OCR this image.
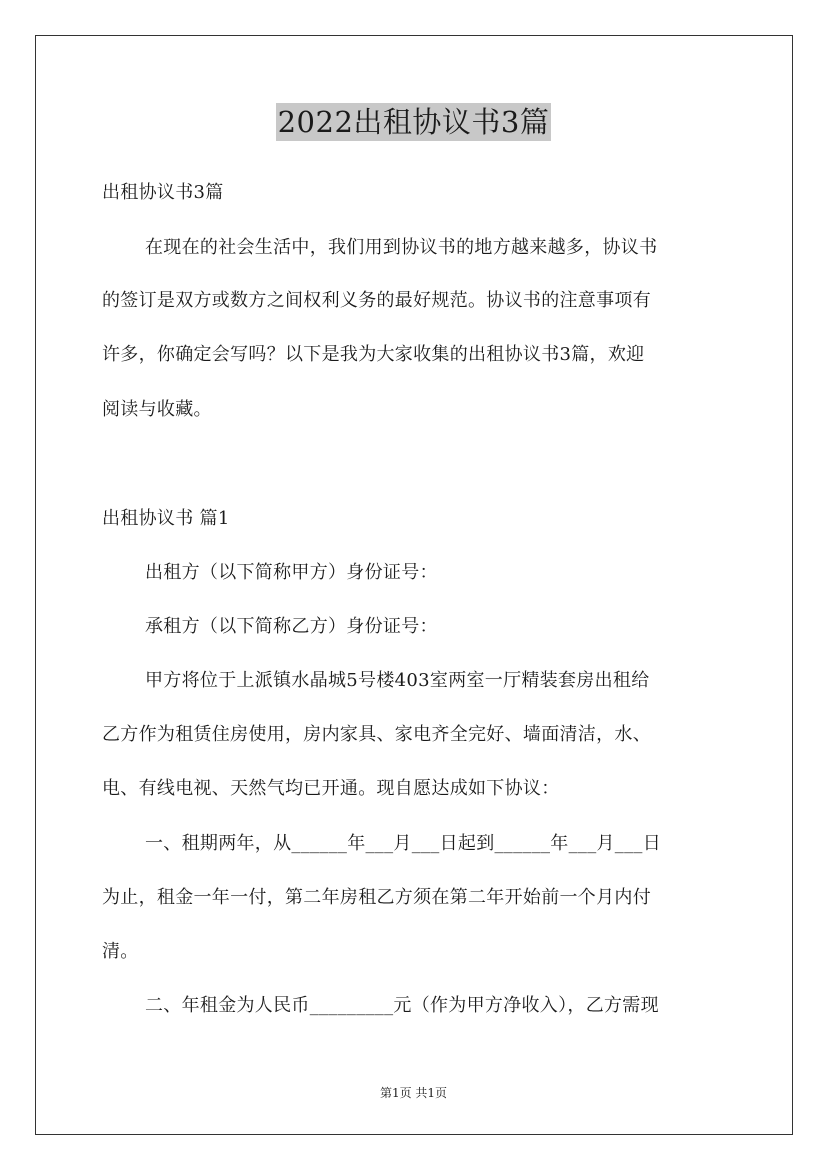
2022出租协议书3篇
出租协议书3篇
在现在的社会生活中，我们用到协议书的地方越来越多，协议书
的签订是双方或数方之间权利义务的最好规范。协议书的注意事项有
许多，你确定会写吗？以下是我为大家收集的出租协议书3篇，欢迎
阅读与收藏。
出租协议书 篇1
出租方（以下简称甲方）身份证号：
承租方（以下简称乙方）身份证号：
甲方将位于上派镇水晶城5号楼403室两室一厅精装套房出租给
乙方作为租赁住房使用，房内家具、家电齐全完好、墙面清洁，水、
电、有线电视、天然气均已开通。现自愿达成如下协议：
一、租期两年，从______年___月___日起到______年___月___日
为止，租金一年一付，第二年房租乙方须在第二年开始前一个月内付
清。
二、年租金为人民币_________元（作为甲方净收入），乙方需现
第1页 共1页
